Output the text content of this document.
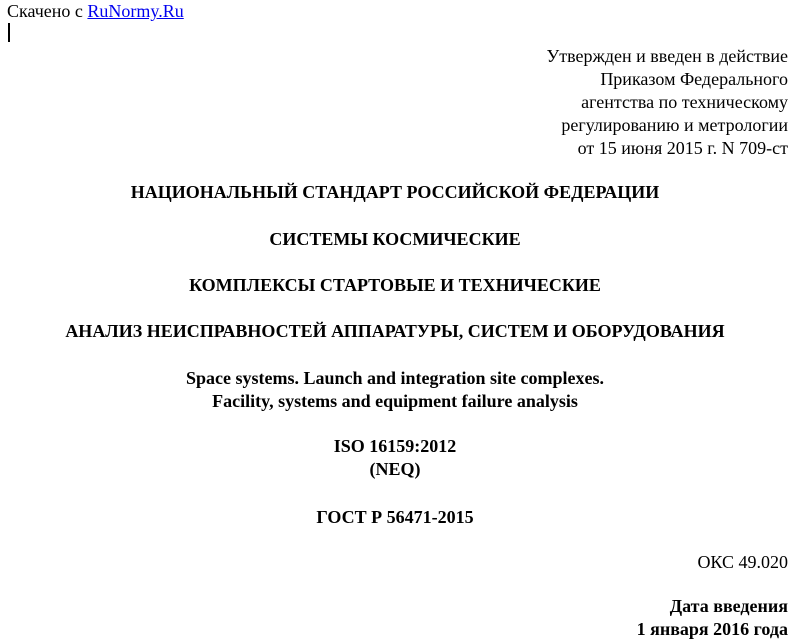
Скачено с RuNormy.Ru
Утвержден и введен в действие
Приказом Федерального
агентства по техническому
регулированию и метрологии
от 15 июня 2015 г. N 709-ст
НАЦИОНАЛЬНЫЙ СТАНДАРТ РОССИЙСКОЙ ФЕДЕРАЦИИ
СИСТЕМЫ КОСМИЧЕСКИЕ
КОМПЛЕКСЫ СТАРТОВЫЕ И ТЕХНИЧЕСКИЕ
АНАЛИЗ НЕИСПРАВНОСТЕЙ АППАРАТУРЫ, СИСТЕМ И ОБОРУДОВАНИЯ
Space systems. Launch and integration site complexes.
Facility, systems and equipment failure analysis
ISO 16159:2012
(NEQ)
ГОСТ Р 56471-2015
ОКС 49.020
Дата введения
1 января 2016 года
